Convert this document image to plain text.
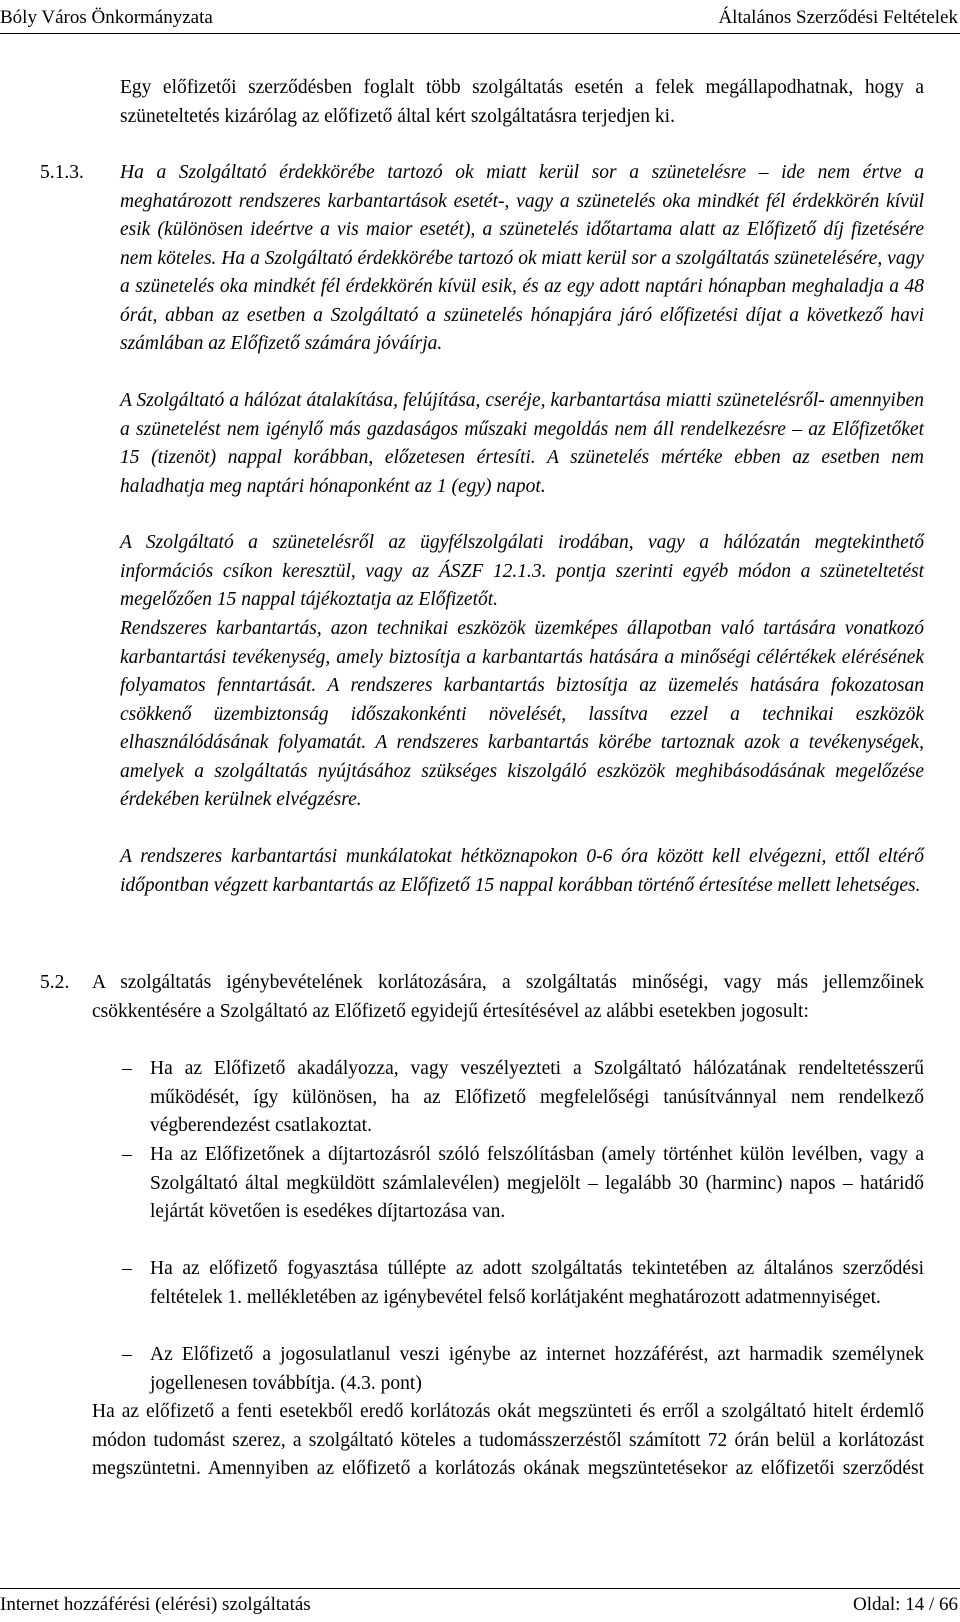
Bóly Város Önkormányzata	Általános Szerződési Feltételek

Egy előfizetői szerződésben foglalt több szolgáltatás esetén a felek megállapodhatnak, hogy a szüneteltetés kizárólag az előfizető által kért szolgáltatásra terjedjen ki.

5.1.3. Ha a Szolgáltató érdekkörébe tartozó ok miatt kerül sor a szünetelésre – ide nem értve a meghatározott rendszeres karbantartások esetét-, vagy a szünetelés oka mindkét fél érdekkörén kívül esik (különösen ideértve a vis maior esetét), a szünetelés időtartama alatt az Előfizető díj fizetésére nem köteles. Ha a Szolgáltató érdekkörébe tartozó ok miatt kerül sor a szolgáltatás szünetelésére, vagy a szünetelés oka mindkét fél érdekkörén kívül esik, és az egy adott naptári hónapban meghaladja a 48 órát, abban az esetben a Szolgáltató a szünetelés hónapjára járó előfizetési díjat a következő havi számlában az Előfizető számára jóváírja.

A Szolgáltató a hálózat átalakítása, felújítása, cseréje, karbantartása miatti szünetelésről- amennyiben a szünetelést nem igénylő más gazdaságos műszaki megoldás nem áll rendelkezésre – az Előfizetőket 15 (tizenöt) nappal korábban, előzetesen értesíti. A szünetelés mértéke ebben az esetben nem haladhatja meg naptári hónaponként az 1 (egy) napot.

A Szolgáltató a szünetelésről az ügyfélszolgálati irodában, vagy a hálózatán megtekinthető információs csíkon keresztül, vagy az ÁSZF 12.1.3. pontja szerinti egyéb módon a szüneteltetést megelőzően 15 nappal tájékoztatja az Előfizetőt.

Rendszeres karbantartás, azon technikai eszközök üzemképes állapotban való tartására vonatkozó karbantartási tevékenység, amely biztosítja a karbantartás hatására a minőségi célértékek elérésének folyamatos fenntartását. A rendszeres karbantartás biztosítja az üzemelés hatására fokozatosan csökkenő üzembiztonság időszakonkénti növelését, lassítva ezzel a technikai eszközök elhasználódásának folyamatát. A rendszeres karbantartás körébe tartoznak azok a tevékenységek, amelyek a szolgáltatás nyújtásához szükséges kiszolgáló eszközök meghibásodásának megelőzése érdekében kerülnek elvégzésre.

A rendszeres karbantartási munkálatokat hétköznapokon 0-6 óra között kell elvégezni, ettől eltérő időpontban végzett karbantartás az Előfizető 15 nappal korábban történő értesítése mellett lehetséges.

5.2. A szolgáltatás igénybevételének korlátozására, a szolgáltatás minőségi, vagy más jellemzőinek csökkentésére a Szolgáltató az Előfizető egyidejű értesítésével az alábbi esetekben jogosult:

– Ha az Előfizető akadályozza, vagy veszélyezteti a Szolgáltató hálózatának rendeltetésszerű működését, így különösen, ha az Előfizető megfelelőségi tanúsítvánnyal nem rendelkező végberendezést csatlakoztat.

– Ha az Előfizetőnek a díjtartozásról szóló felszólításban (amely történhet külön levélben, vagy a Szolgáltató által megküldött számlalevélen) megjelölt – legalább 30 (harminc) napos – határidő lejártát követően is esedékes díjtartozása van.

– Ha az előfizető fogyasztása túllépte az adott szolgáltatás tekintetében az általános szerződési feltételek 1. mellékletében az igénybevétel felső korlátjaként meghatározott adatmennyiséget.

– Az Előfizető a jogosulatlanul veszi igénybe az internet hozzáférést, azt harmadik személynek jogellenesen továbbítja. (4.3. pont)

Ha az előfizető a fenti esetekből eredő korlátozás okát megszünteti és erről a szolgáltató hitelt érdemlő módon tudomást szerez, a szolgáltató köteles a tudomásszerzéstől számított 72 órán belül a korlátozást megszüntetni. Amennyiben az előfizető a korlátozás okának megszüntetésekor az előfizetői szerződést

Internet hozzáférési (elérési) szolgáltatás	Oldal: 14 / 66
